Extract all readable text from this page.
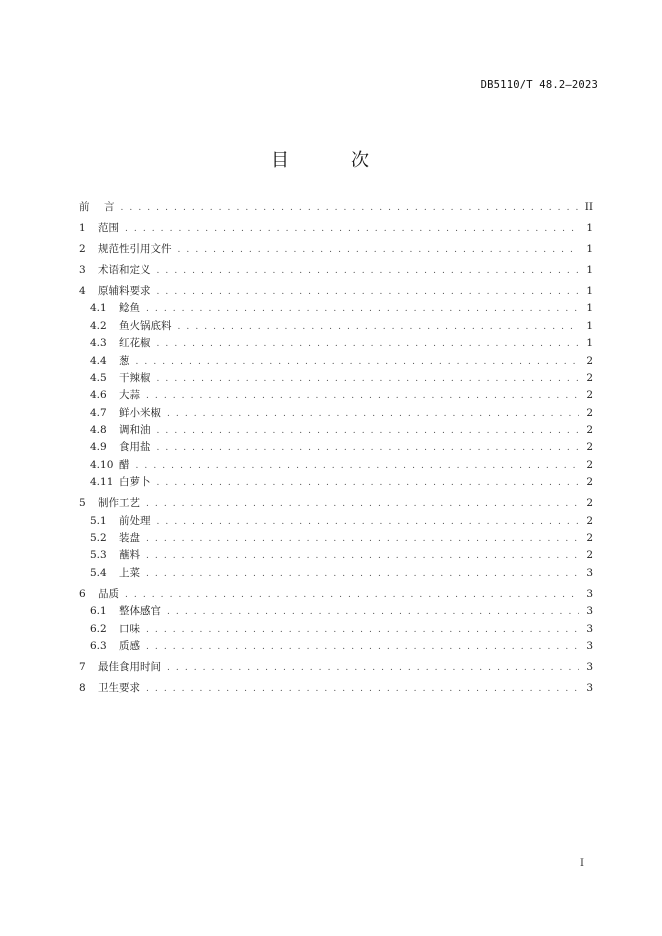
DB5110/T 48.2—2023
目　次
前	言 . . .	II
1	范围 . . .	1
2	规范性引用文件 . . .	1
3	术语和定义 . . .	1
4	原辅料要求 . . .	1
4.1	鲶鱼 . . .	1
4.2	鱼火锅底料 . . .	1
4.3	红花椒 . . .	1
4.4	葱 . . .	2
4.5	干辣椒 . . .	2
4.6	大蒜 . . .	2
4.7	鲜小米椒 . . .	2
4.8	调和油 . . .	2
4.9	食用盐 . . .	2
4.10 醋 . . .	2
4.11 白萝卜 . . .	2
5	制作工艺 . . .	2
5.1	前处理 . . .	2
5.2	装盘 . . .	2
5.3	蘸料 . . .	2
5.4	上菜 . . .	3
6	品质 . . .	3
6.1	整体感官 . . .	3
6.2	口味 . . .	3
6.3	质感 . . .	3
7	最佳食用时间 . . .	3
8	卫生要求 . . .	3
I
